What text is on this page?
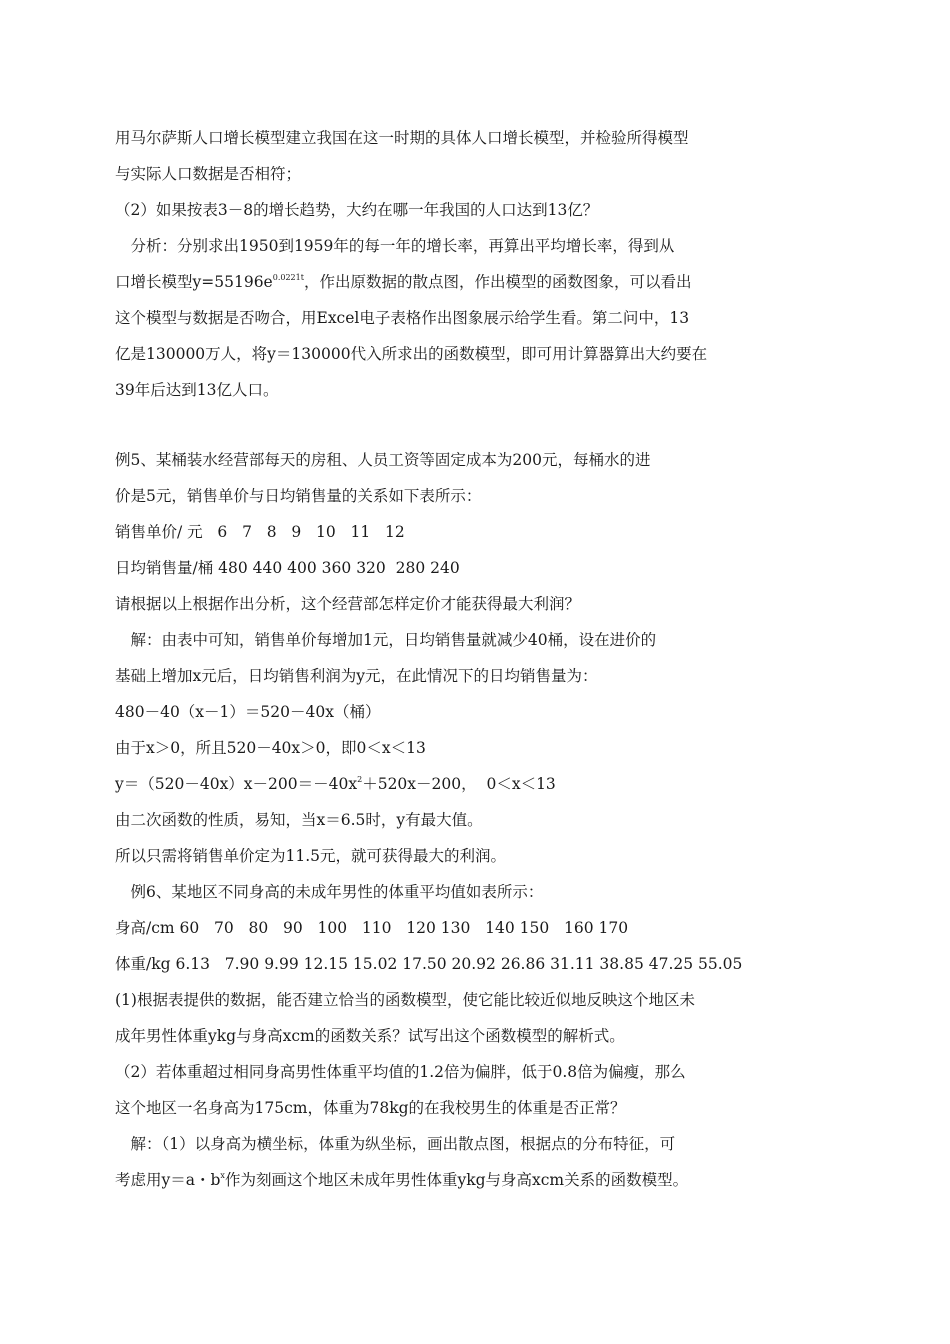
用马尔萨斯人口增长模型建立我国在这一时期的具体人口增长模型，并检验所得模型
与实际人口数据是否相符；
（2）如果按表3－8的增长趋势，大约在哪一年我国的人口达到13亿？
　分析：分别求出1950到1959年的每一年的增长率，再算出平均增长率，得到从
口增长模型$y=55196e^{0.0221t}$，作出原数据的散点图，作出模型的函数图象，可以看出
这个模型与数据是否吻合，用Excel电子表格作出图象展示给学生看。第二问中，13
亿是130000万人，将y＝130000代入所求出的函数模型，即可用计算器算出大约要在
39年后达到13亿人口。
例5、某桶装水经营部每天的房租、人员工资等固定成本为200元，每桶水的进
价是5元，销售单价与日均销售量的关系如下表所示：
销售单价/ 元   6   7   8   9   10   11   12
日均销售量/桶 480 440 400 360 320  280 240
请根据以上根据作出分析，这个经营部怎样定价才能获得最大利润？
　解：由表中可知，销售单价每增加1元，日均销售量就减少40桶，设在进价的
基础上增加x元后，日均销售利润为y元，在此情况下的日均销售量为：
480－40（x－1）＝520－40x（桶）
由于x＞0，所且520－40x＞0，即0＜x＜13
$y=(520-40x)x-200=-40x^2+520x-200$，  0＜x＜13
由二次函数的性质，易知，当x＝6.5时，y有最大值。
所以只需将销售单价定为11.5元，就可获得最大的利润。
　例6、某地区不同身高的未成年男性的体重平均值如表所示：
身高/cm 60   70   80   90   100   110   120 130   140 150   160 170
体重/kg 6.13   7.90 9.99 12.15 15.02 17.50 20.92 26.86 31.11 38.85 47.25 55.05
(1)根据表提供的数据，能否建立恰当的函数模型，使它能比较近似地反映这个地区未
成年男性体重ykg与身高xcm的函数关系？试写出这个函数模型的解析式。
（2）若体重超过相同身高男性体重平均值的1.2倍为偏胖，低于0.8倍为偏瘦，那么
这个地区一名身高为175cm，体重为78kg的在我校男生的体重是否正常？
　解：（1）以身高为横坐标，体重为纵坐标，画出散点图，根据点的分布特征，可
考虑用y＝a・$b^x$作为刻画这个地区未成年男性体重ykg与身高xcm关系的函数模型。
